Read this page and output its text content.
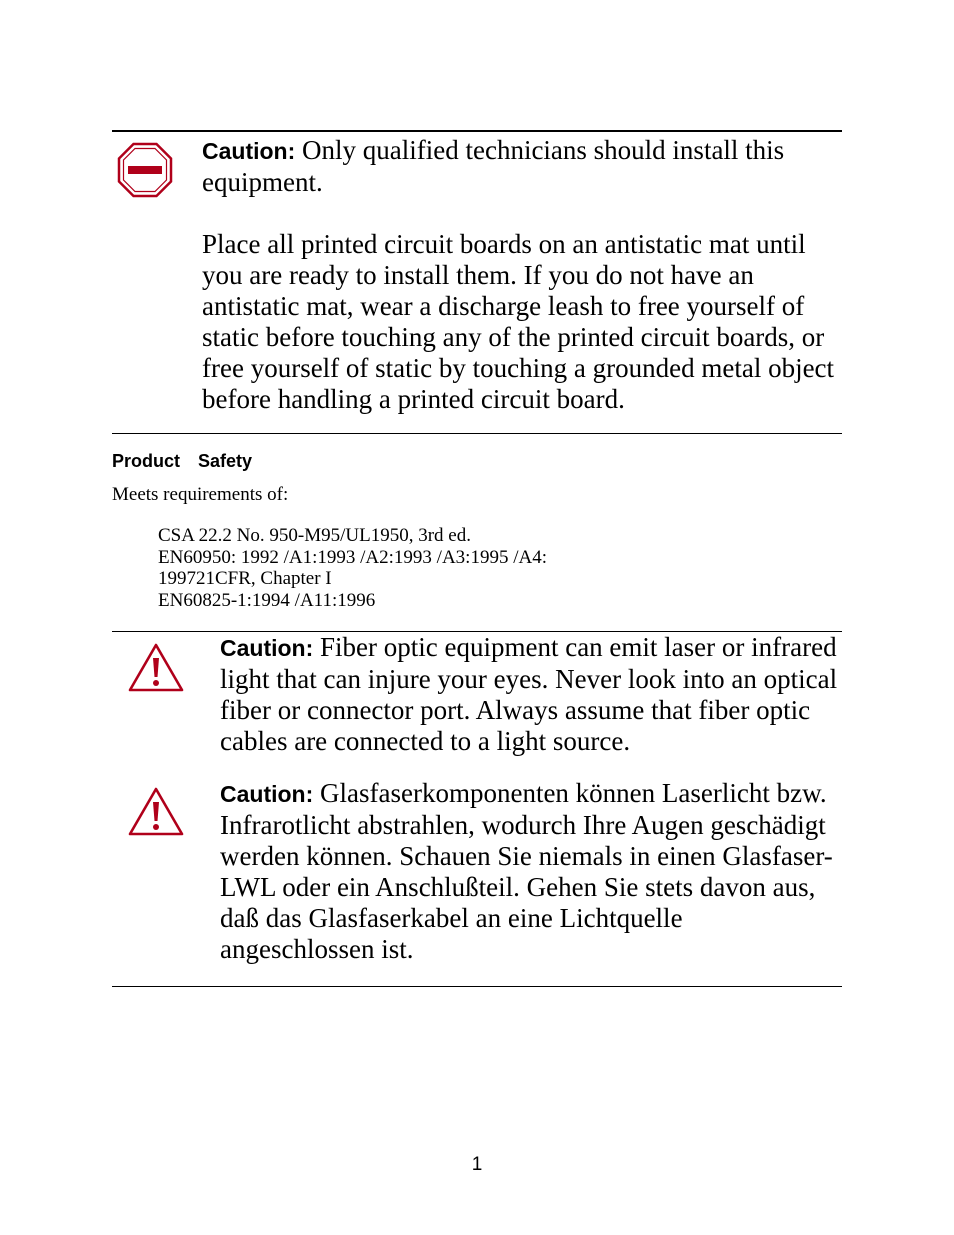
Caution: Only qualified technicians should install this equipment.

Place all printed circuit boards on an antistatic mat until you are ready to install them. If you do not have an antistatic mat, wear a discharge leash to free yourself of static before touching any of the printed circuit boards, or free yourself of static by touching a grounded metal object before handling a printed circuit board.

Product  Safety
Meets requirements of:
CSA 22.2 No. 950-M95/UL1950, 3rd ed.
EN60950: 1992 /A1:1993 /A2:1993 /A3:1995 /A4:
199721CFR, Chapter I
EN60825-1:1994 /A11:1996

Caution: Fiber optic equipment can emit laser or infrared light that can injure your eyes. Never look into an optical fiber or connector port. Always assume that fiber optic cables are connected to a light source.

Caution: Glasfaserkomponenten können Laserlicht bzw. Infrarotlicht abstrahlen, wodurch Ihre Augen geschädigt werden können. Schauen Sie niemals in einen Glasfaser-LWL oder ein Anschlußteil. Gehen Sie stets davon aus, daß das Glasfaserkabel an eine Lichtquelle angeschlossen ist.

1
